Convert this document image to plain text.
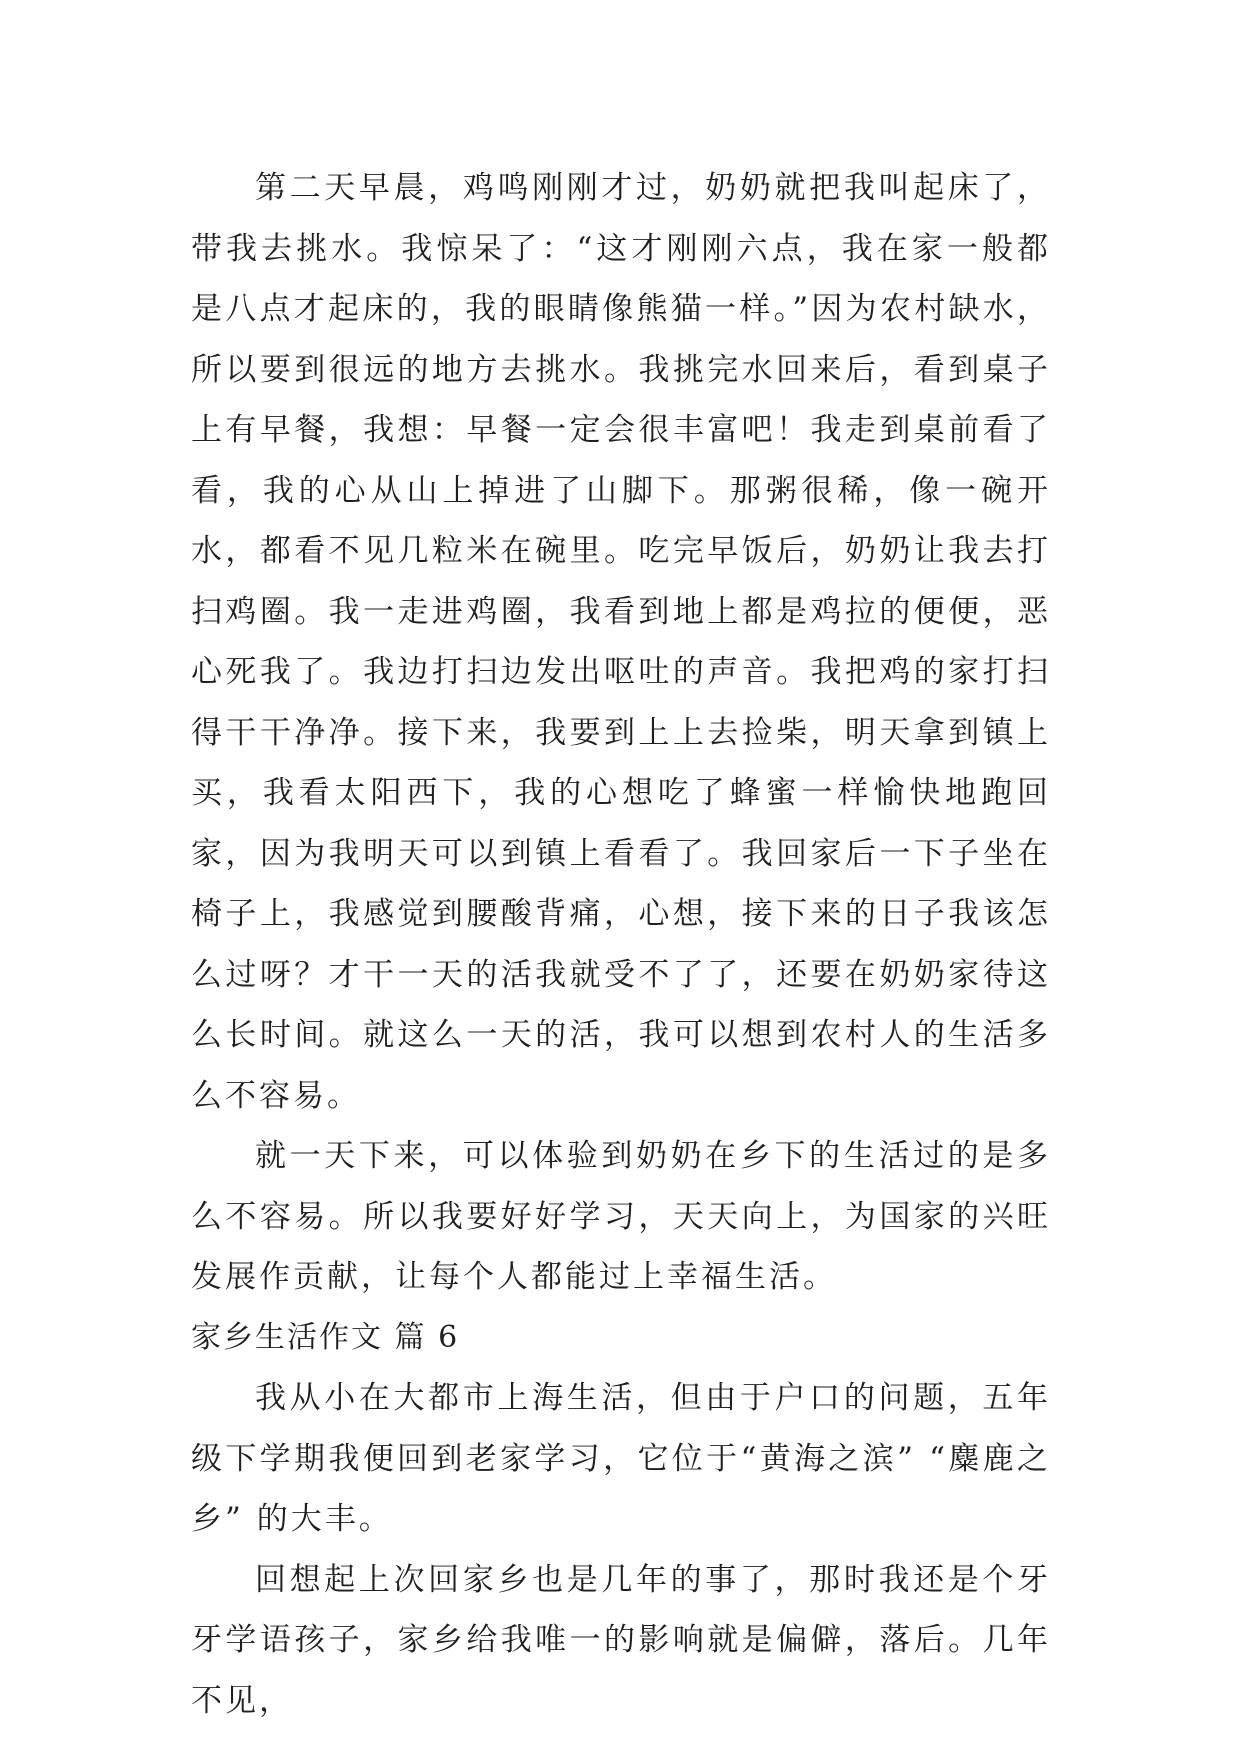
第二天早晨，鸡鸣刚刚才过，奶奶就把我叫起床了，带我去挑水。我惊呆了：“这才刚刚六点，我在家一般都是八点才起床的，我的眼睛像熊猫一样。”因为农村缺水，所以要到很远的地方去挑水。我挑完水回来后，看到桌子上有早餐，我想：早餐一定会很丰富吧！我走到桌前看了看，我的心从山上掉进了山脚下。那粥很稀，像一碗开水，都看不见几粒米在碗里。吃完早饭后，奶奶让我去打扫鸡圈。我一走进鸡圈，我看到地上都是鸡拉的便便，恶心死我了。我边打扫边发出呕吐的声音。我把鸡的家打扫得干干净净。接下来，我要到上上去捡柴，明天拿到镇上买，我看太阳西下，我的心想吃了蜂蜜一样愉快地跑回家，因为我明天可以到镇上看看了。我回家后一下子坐在椅子上，我感觉到腰酸背痛，心想，接下来的日子我该怎么过呀？才干一天的活我就受不了了，还要在奶奶家待这么长时间。就这么一天的活，我可以想到农村人的生活多么不容易。

就一天下来，可以体验到奶奶在乡下的生活过的是多么不容易。所以我要好好学习，天天向上，为国家的兴旺发展作贡献，让每个人都能过上幸福生活。

家乡生活作文 篇 6

我从小在大都市上海生活，但由于户口的问题，五年级下学期我便回到老家学习，它位于“黄海之滨” “麋鹿之乡” 的大丰。

回想起上次回家乡也是几年的事了，那时我还是个牙牙学语孩子，家乡给我唯一的影响就是偏僻，落后。几年不见，
